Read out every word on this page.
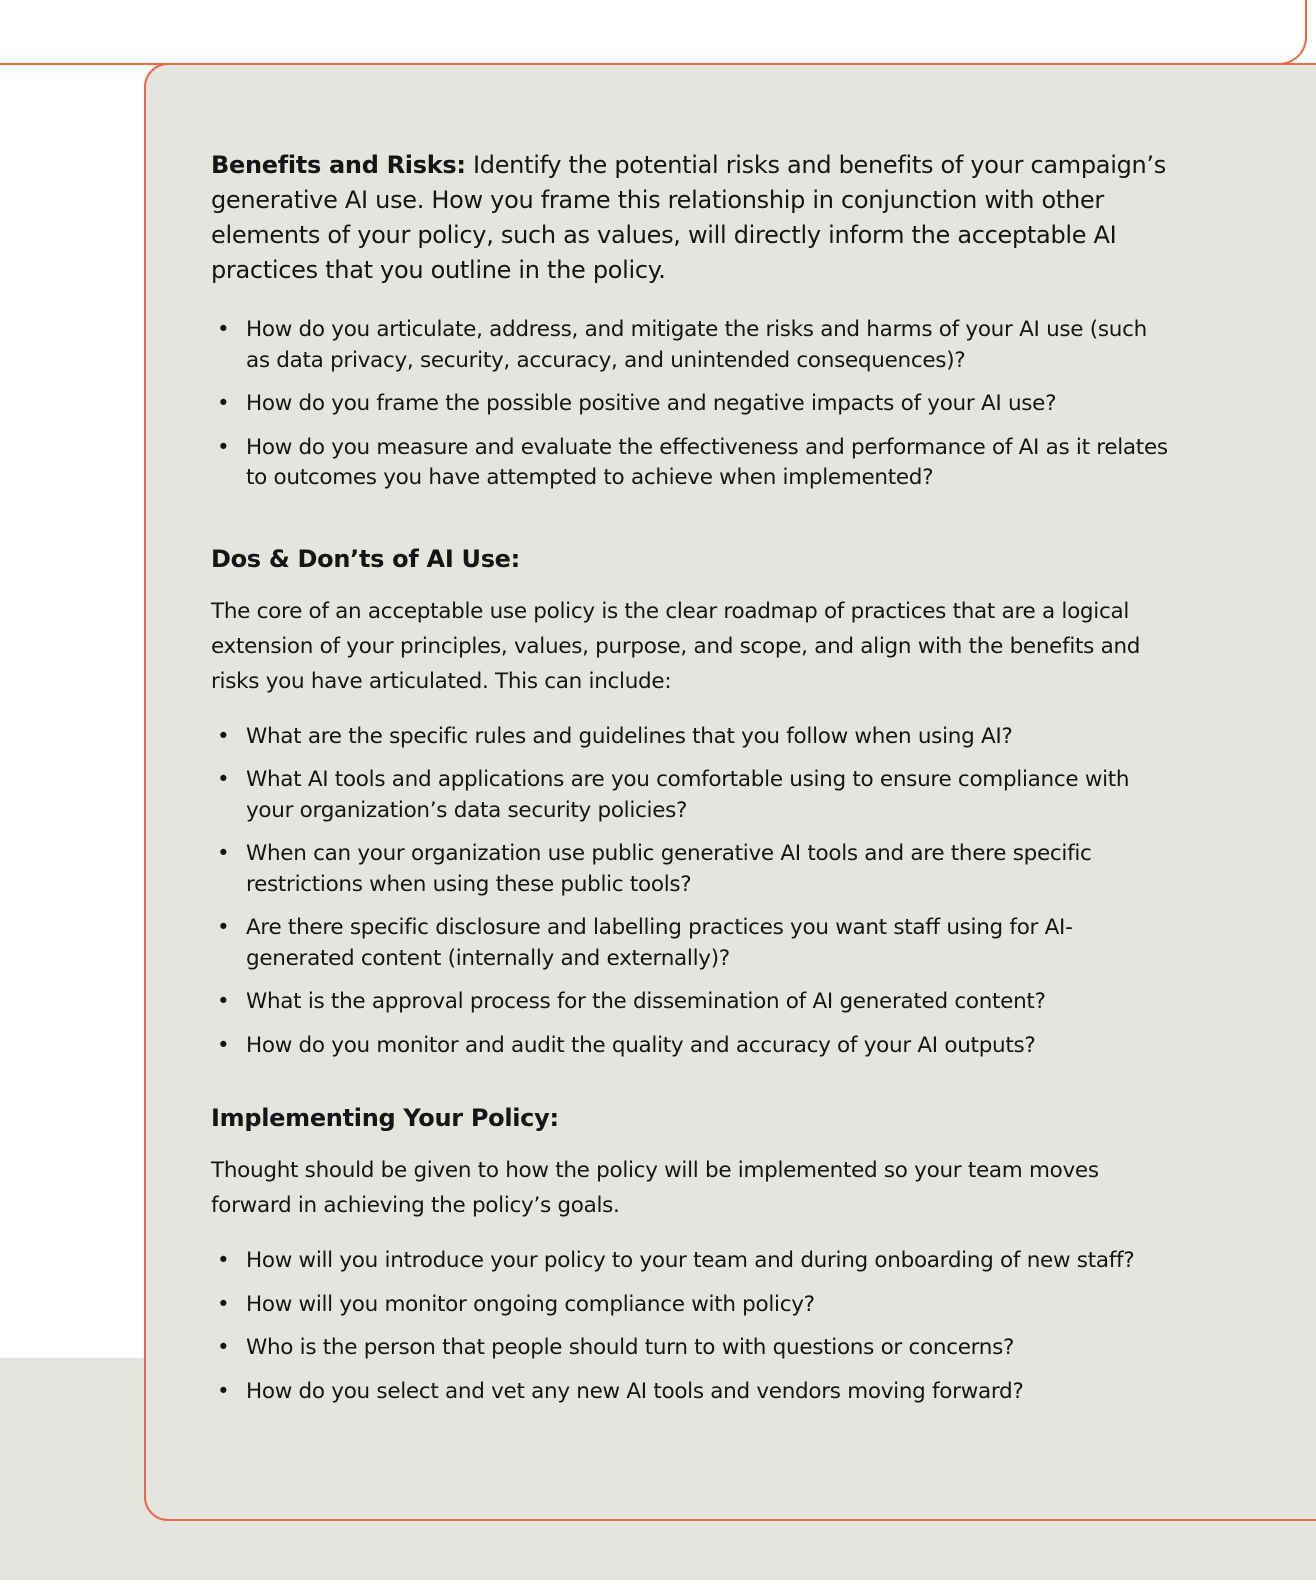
Benefits and Risks: Identify the potential risks and benefits of your campaign’s generative AI use. How you frame this relationship in conjunction with other elements of your policy, such as values, will directly inform the acceptable AI practices that you outline in the policy.

• How do you articulate, address, and mitigate the risks and harms of your AI use (such as data privacy, security, accuracy, and unintended consequences)?
• How do you frame the possible positive and negative impacts of your AI use?
• How do you measure and evaluate the effectiveness and performance of AI as it relates to outcomes you have attempted to achieve when implemented?
Dos & Don’ts of AI Use:

The core of an acceptable use policy is the clear roadmap of practices that are a logical extension of your principles, values, purpose, and scope, and align with the benefits and risks you have articulated. This can include:

• What are the specific rules and guidelines that you follow when using AI?
• What AI tools and applications are you comfortable using to ensure compliance with your organization’s data security policies?
• When can your organization use public generative AI tools and are there specific restrictions when using these public tools?
• Are there specific disclosure and labelling practices you want staff using for AI-generated content (internally and externally)?
• What is the approval process for the dissemination of AI generated content?
• How do you monitor and audit the quality and accuracy of your AI outputs?
Implementing Your Policy:

Thought should be given to how the policy will be implemented so your team moves forward in achieving the policy’s goals.

• How will you introduce your policy to your team and during onboarding of new staff?
• How will you monitor ongoing compliance with policy?
• Who is the person that people should turn to with questions or concerns?
• How do you select and vet any new AI tools and vendors moving forward?
